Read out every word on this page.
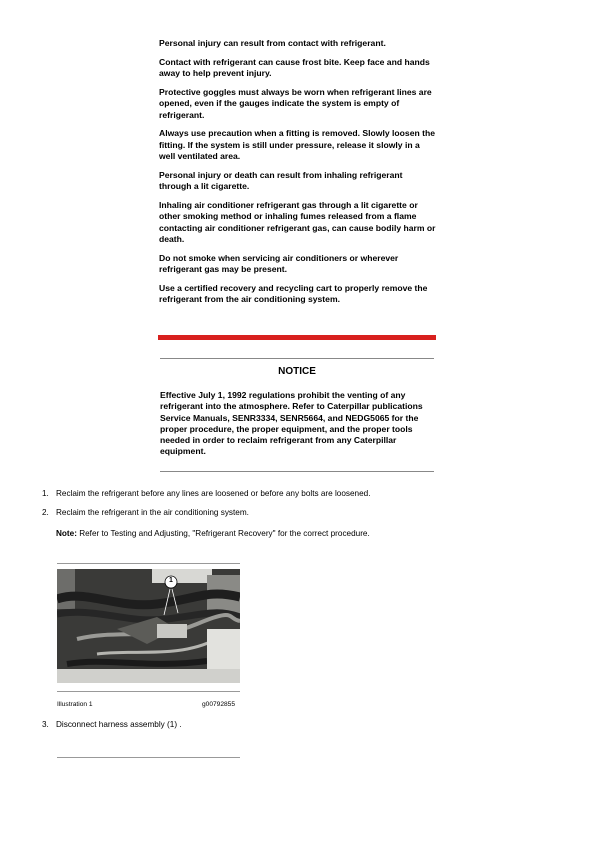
Personal injury can result from contact with refrigerant.

Contact with refrigerant can cause frost bite. Keep face and hands away to help prevent injury.

Protective goggles must always be worn when refrigerant lines are opened, even if the gauges indicate the system is empty of refrigerant.

Always use precaution when a fitting is removed. Slowly loosen the fitting. If the system is still under pressure, release it slowly in a well ventilated area.

Personal injury or death can result from inhaling refrigerant through a lit cigarette.

Inhaling air conditioner refrigerant gas through a lit cigarette or other smoking method or inhaling fumes released from a flame contacting air conditioner refrigerant gas, can cause bodily harm or death.

Do not smoke when servicing air conditioners or wherever refrigerant gas may be present.

Use a certified recovery and recycling cart to properly remove the refrigerant from the air conditioning system.

NOTICE

Effective July 1, 1992 regulations prohibit the venting of any refrigerant into the atmosphere. Refer to Caterpillar publications Service Manuals, SENR3334, SENR5664, and NEDG5065 for the proper procedure, the proper equipment, and the proper tools needed in order to reclaim refrigerant from any Caterpillar equipment.

1. Reclaim the refrigerant before any lines are loosened or before any bolts are loosened.
2. Reclaim the refrigerant in the air conditioning system.
Note: Refer to Testing and Adjusting, "Refrigerant Recovery" for the correct procedure.
1
Illustration 1	g00792855
3. Disconnect harness assembly (1) .
